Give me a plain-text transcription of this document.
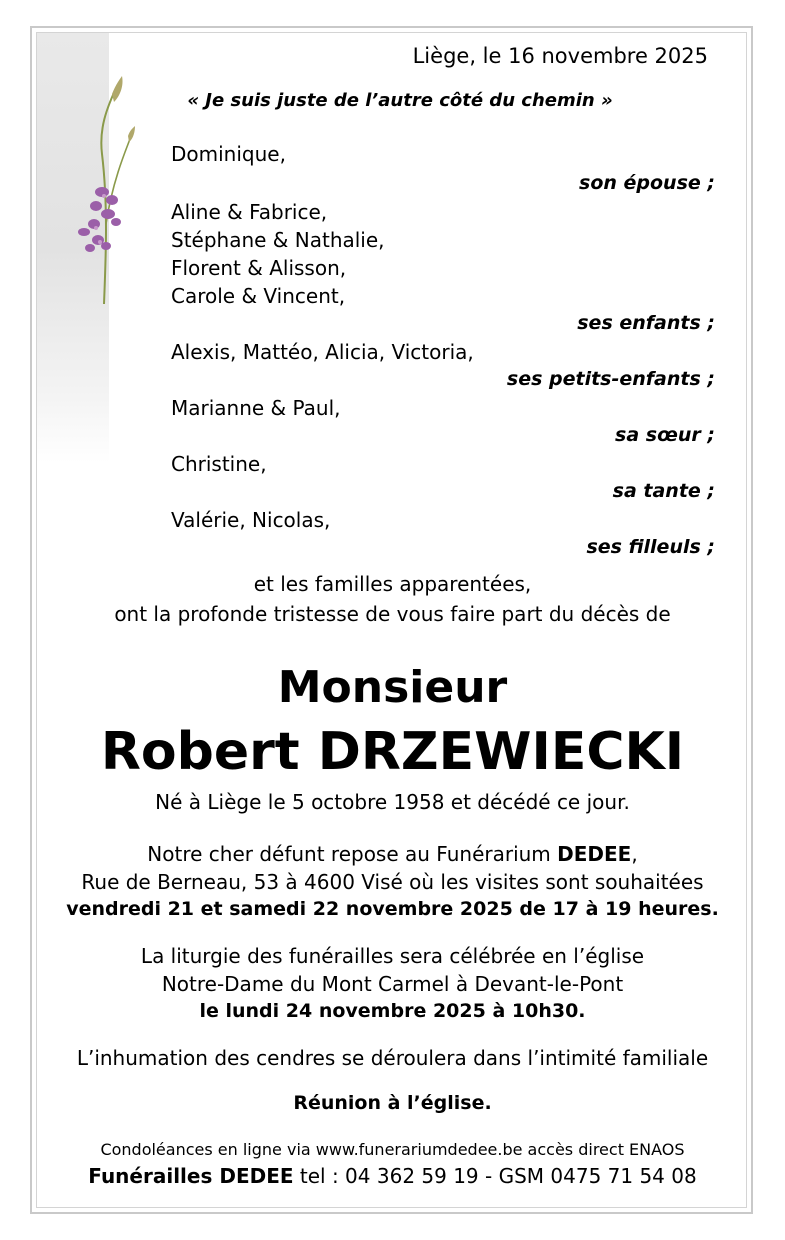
Liège, le 16 novembre 2025
« Je suis juste de l’autre côté du chemin »
Dominique,
son épouse ;
Aline & Fabrice,
Stéphane & Nathalie,
Florent & Alisson,
Carole & Vincent,
ses enfants ;
Alexis, Mattéo, Alicia, Victoria,
ses petits-enfants ;
Marianne & Paul,
sa sœur ;
Christine,
sa tante ;
Valérie, Nicolas,
ses filleuls ;
et les familles apparentées,
ont la profonde tristesse de vous faire part du décès de
Monsieur
Robert DRZEWIECKI
Né à Liège le 5 octobre 1958 et décédé ce jour.
Notre cher défunt repose au Funérarium DEDEE,
Rue de Berneau, 53 à 4600 Visé où les visites sont souhaitées
vendredi 21 et samedi 22 novembre 2025 de 17 à 19 heures.
La liturgie des funérailles sera célébrée en l’église
Notre-Dame du Mont Carmel à Devant-le-Pont
le lundi 24 novembre 2025 à 10h30.
L’inhumation des cendres se déroulera dans l’intimité familiale
Réunion à l’église.
Condoléances en ligne via www.funerariumdedee.be accès direct ENAOS
Funérailles DEDEE tel : 04 362 59 19 - GSM 0475 71 54 08
